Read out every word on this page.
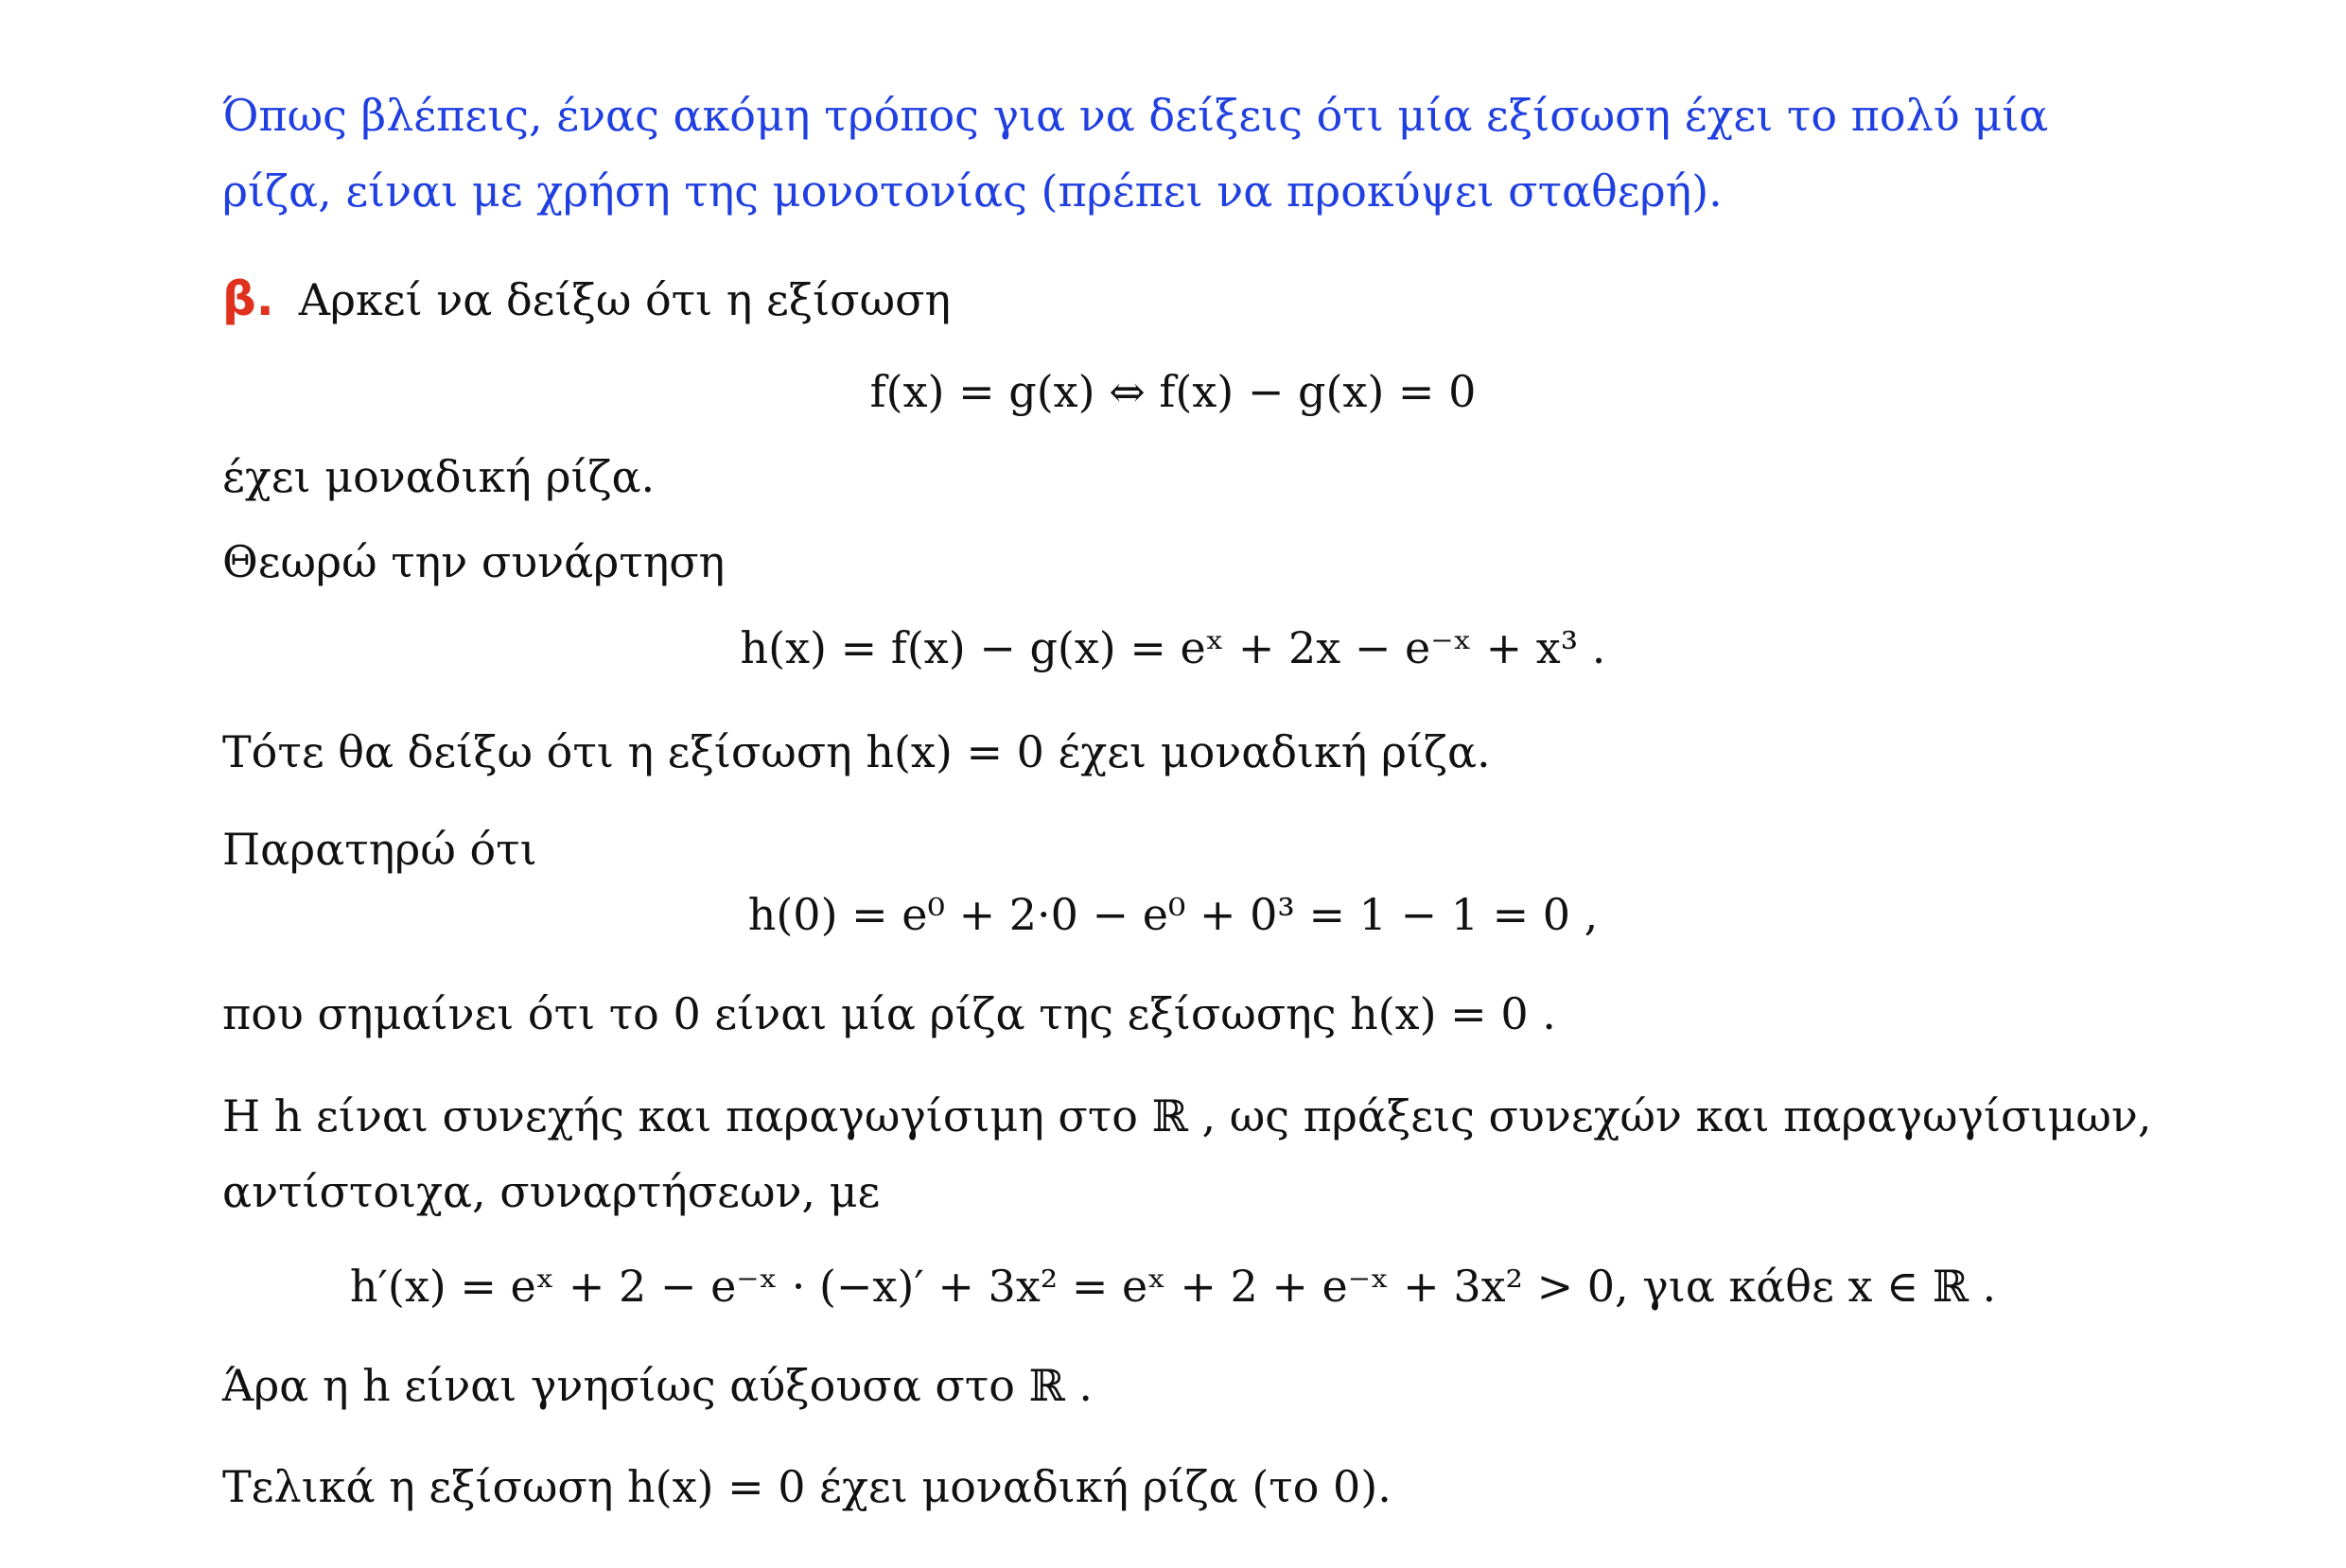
Όπως βλέπεις, ένας ακόμη τρόπος για να δείξεις ότι μία εξίσωση έχει το πολύ μία
ρίζα, είναι με χρήση της μονοτονίας (πρέπει να προκύψει σταθερή).
β. Αρκεί να δείξω ότι η εξίσωση
f(x) = g(x) ⇔ f(x) − g(x) = 0
έχει μοναδική ρίζα.
Θεωρώ την συνάρτηση
h(x) = f(x) − g(x) = eˣ + 2x − e⁻ˣ + x³ .
Τότε θα δείξω ότι η εξίσωση h(x) = 0 έχει μοναδική ρίζα.
Παρατηρώ ότι
h(0) = e⁰ + 2·0 − e⁰ + 0³ = 1 − 1 = 0 ,
που σημαίνει ότι το 0 είναι μία ρίζα της εξίσωσης h(x) = 0 .
Η h είναι συνεχής και παραγωγίσιμη στο ℝ , ως πράξεις συνεχών και παραγωγίσιμων,
αντίστοιχα, συναρτήσεων, με
h′(x) = eˣ + 2 − e⁻ˣ · (−x)′ + 3x² = eˣ + 2 + e⁻ˣ + 3x² > 0, για κάθε x ∈ ℝ .
Άρα η h είναι γνησίως αύξουσα στο ℝ .
Τελικά η εξίσωση h(x) = 0 έχει μοναδική ρίζα (το 0).
